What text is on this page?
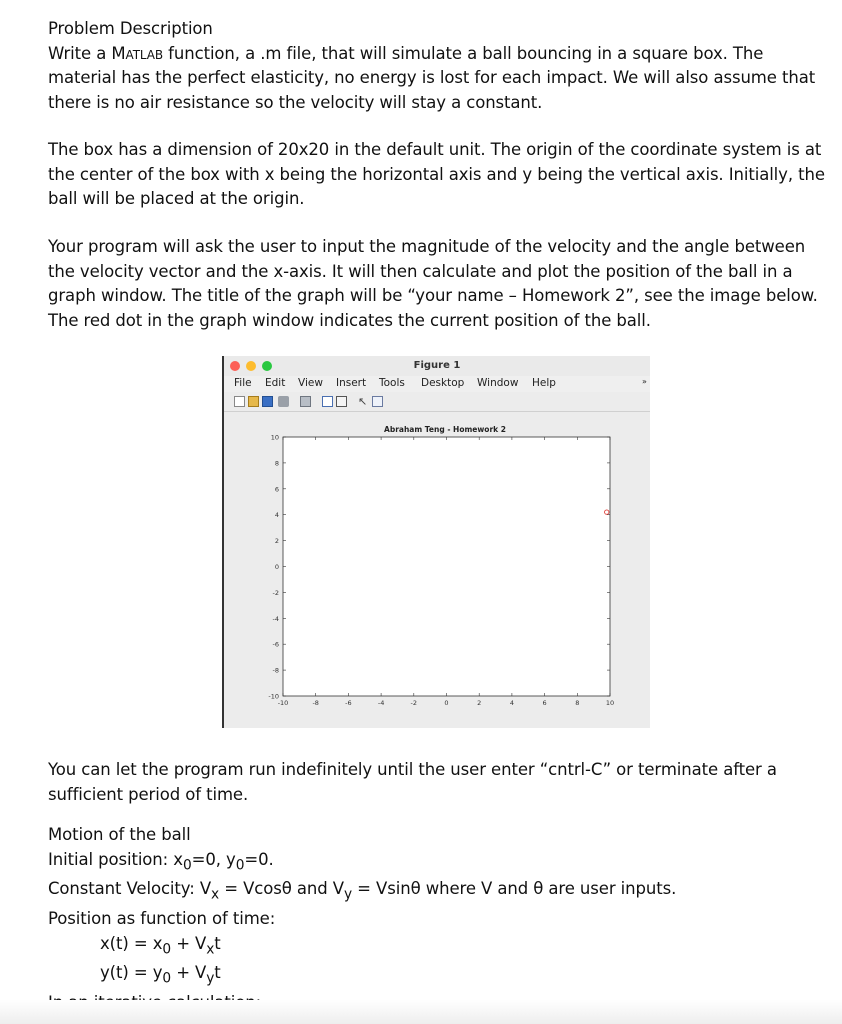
Problem Description
Write a Matlab function, a .m file, that will simulate a ball bouncing in a square box. The
material has the perfect elasticity, no energy is lost for each impact. We will also assume that
there is no air resistance so the velocity will stay a constant.
The box has a dimension of 20x20 in the default unit. The origin of the coordinate system is at
the center of the box with x being the horizontal axis and y being the vertical axis. Initially, the
ball will be placed at the origin.
Your program will ask the user to input the magnitude of the velocity and the angle between
the velocity vector and the x-axis. It will then calculate and plot the position of the ball in a
graph window. The title of the graph will be “your name – Homework 2”, see the image below.
The red dot in the graph window indicates the current position of the ball.
Figure 1
File Edit View Insert Tools Desktop Window Help	»
↖
Abraham Teng - Homework 2
-10	-8	-6	-4	-2	0	2	4	6	8	10
-10
-8
-6
-4
-2
0
2
4
6
8
10
You can let the program run indefinitely until the user enter “cntrl-C” or terminate after a
sufficient period of time.
Motion of the ball
Initial position: $x_0=0$, $y_0=0$.
Constant Velocity: $V_x = Vcos\theta$ and $V_y = Vsin\theta$ where V and θ are user inputs.
Position as function of time:
$x(t) = x_0 + V_xt$
$y(t) = y_0 + V_yt$
